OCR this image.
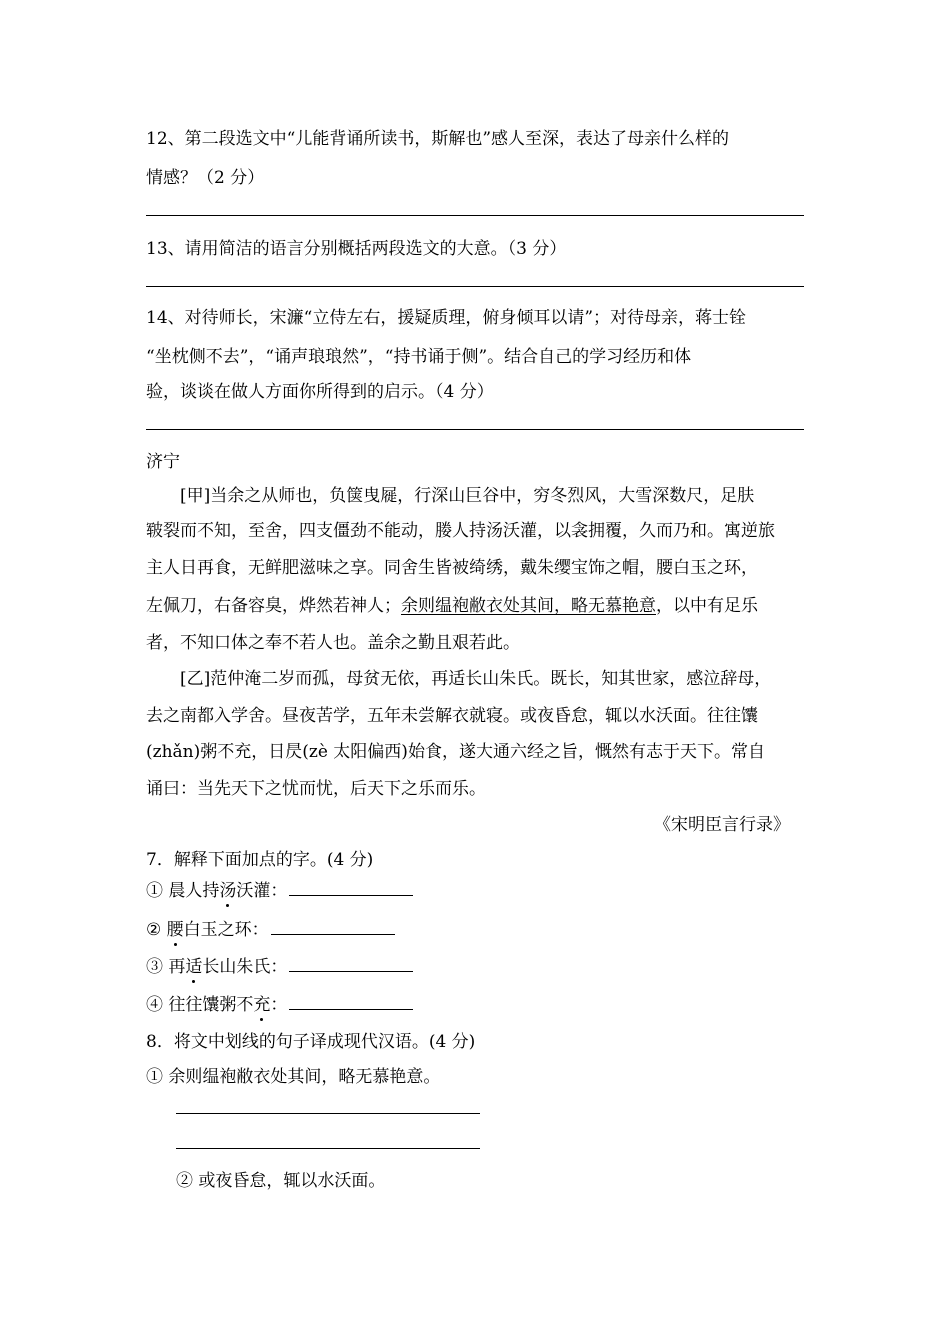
12、第二段选文中“儿能背诵所读书，斯解也”感人至深，表达了母亲什么样的
情感？（2 分）
13、请用简洁的语言分别概括两段选文的大意。（3 分）
14、对待师长，宋濂“立侍左右，援疑质理，俯身倾耳以请”；对待母亲，蒋士铨
“坐枕侧不去”，“诵声琅琅然”，“持书诵于侧”。结合自己的学习经历和体
验，谈谈在做人方面你所得到的启示。（4 分）
济宁
[甲]当余之从师也，负箧曳屣，行深山巨谷中，穷冬烈风，大雪深数尺，足肤
皲裂而不知，至舍，四支僵劲不能动，媵人持汤沃灌，以衾拥覆，久而乃和。寓逆旅
主人日再食，无鲜肥滋味之享。同舍生皆被绮绣，戴朱缨宝饰之帽，腰白玉之环，
左佩刀，右备容臭，烨然若神人；余则缊袍敝衣处其间，略无慕艳意，以中有足乐
者，不知口体之奉不若人也。盖余之勤且艰若此。
[乙]范仲淹二岁而孤，母贫无依，再适长山朱氏。既长，知其世家，感泣辞母，
去之南都入学舍。昼夜苦学，五年未尝解衣就寝。或夜昏怠，辄以水沃面。往往馕
(zhǎn)粥不充，日昃(zè 太阳偏西)始食，遂大通六经之旨，慨然有志于天下。常自
诵曰：当先天下之忧而忧，后天下之乐而乐。
《宋明臣言行录》
7．解释下面加点的字。(4 分)
① 晨人持汤沃灌：
② 腰白玉之环：
③ 再适长山朱氏：
④ 往往馕粥不充：
8．将文中划线的句子译成现代汉语。(4 分)
① 余则缊袍敝衣处其间，略无慕艳意。
② 或夜昏怠，辄以水沃面。
